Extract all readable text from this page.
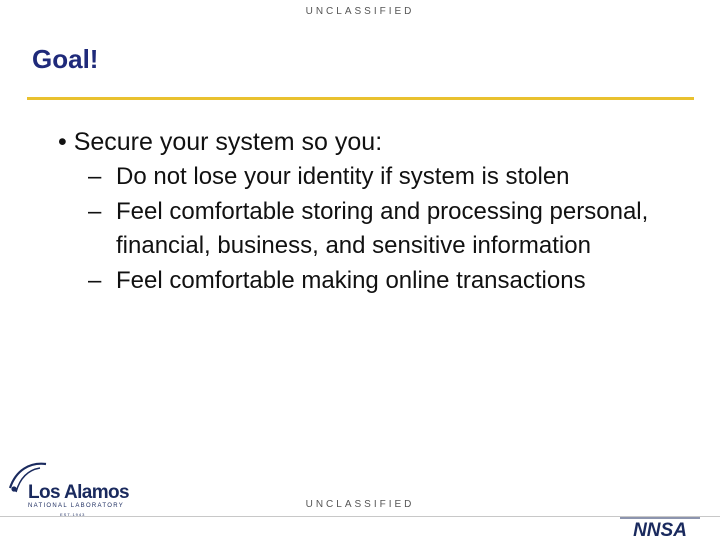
UNCLASSIFIED
Goal!

• Secure your system so you:

– Do not lose your identity if system is stolen
– Feel comfortable storing and processing personal, financial, business, and sensitive information
– Feel comfortable making online transactions
UNCLASSIFIED
Los Alamos
NATIONAL LABORATORY
EST.1943
NNSA
